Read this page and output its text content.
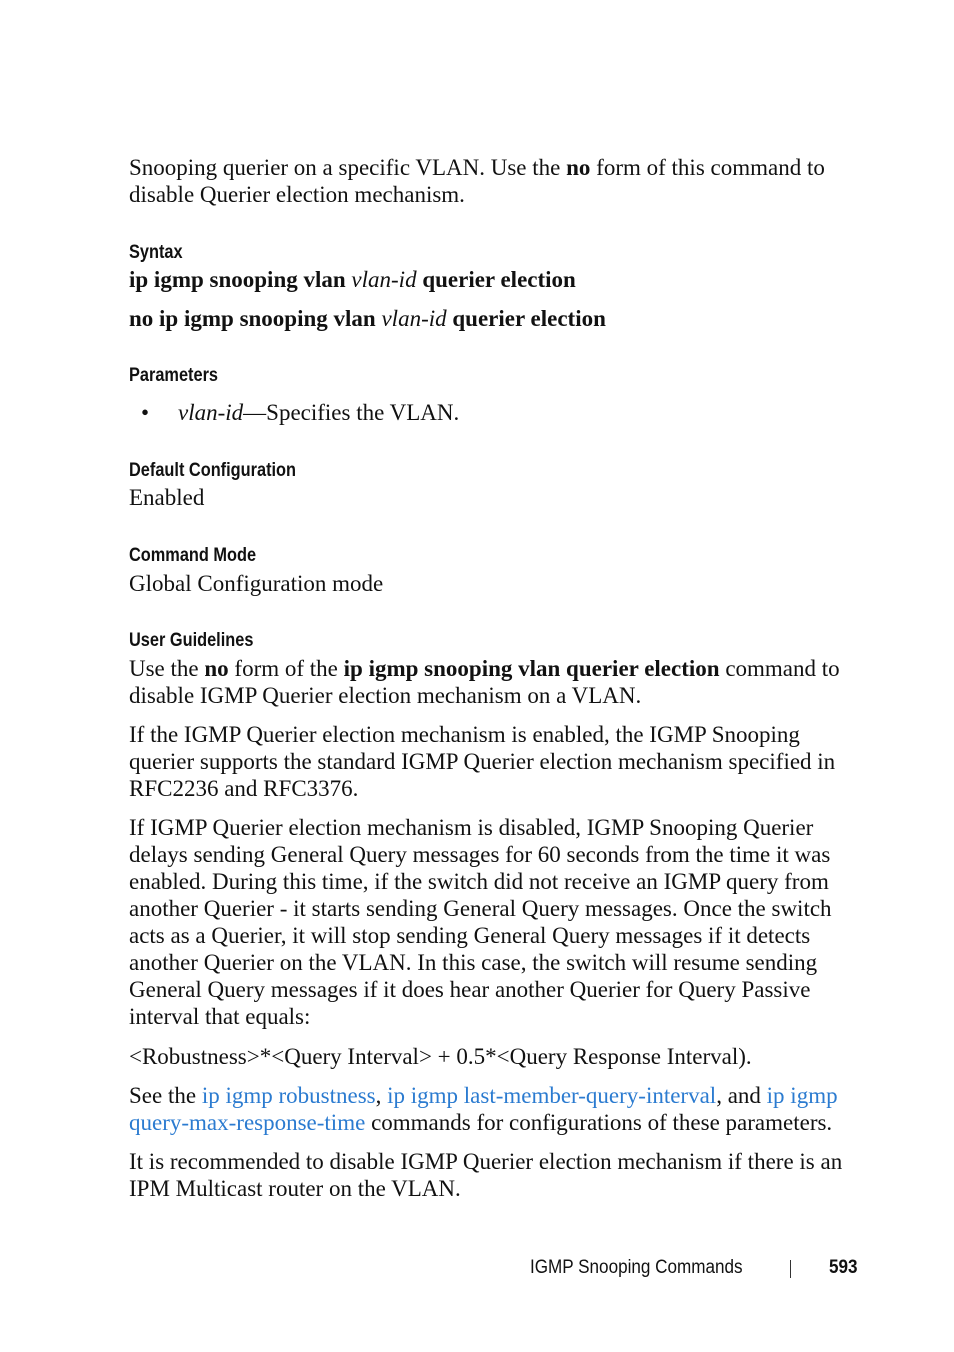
Snooping querier on a specific VLAN. Use the no form of this command to
disable Querier election mechanism.

Syntax
ip igmp snooping vlan vlan-id querier election
no ip igmp snooping vlan vlan-id querier election
Parameters
• vlan-id—Specifies the VLAN.
Default Configuration
Enabled
Command Mode
Global Configuration mode
User Guidelines

Use the no form of the ip igmp snooping vlan querier election command to disable IGMP Querier election mechanism on a VLAN.

If the IGMP Querier election mechanism is enabled, the IGMP Snooping querier supports the standard IGMP Querier election mechanism specified in RFC2236 and RFC3376.
If IGMP Querier election mechanism is disabled, IGMP Snooping Querier delays sending General Query messages for 60 seconds from the time it was enabled. During this time, if the switch did not receive an IGMP query from another Querier - it starts sending General Query messages. Once the switch acts as a Querier, it will stop sending General Query messages if it detects another Querier on the VLAN. In this case, the switch will resume sending General Query messages if it does hear another Querier for Query Passive interval that equals:
<Robustness>*<Query Interval> + 0.5*<Query Response Interval).

See the ip igmp robustness, ip igmp last-member-query-interval, and ip igmp query-max-response-time commands for configurations of these parameters.

It is recommended to disable IGMP Querier election mechanism if there is an IPM Multicast router on the VLAN.
IGMP Snooping Commands	593
